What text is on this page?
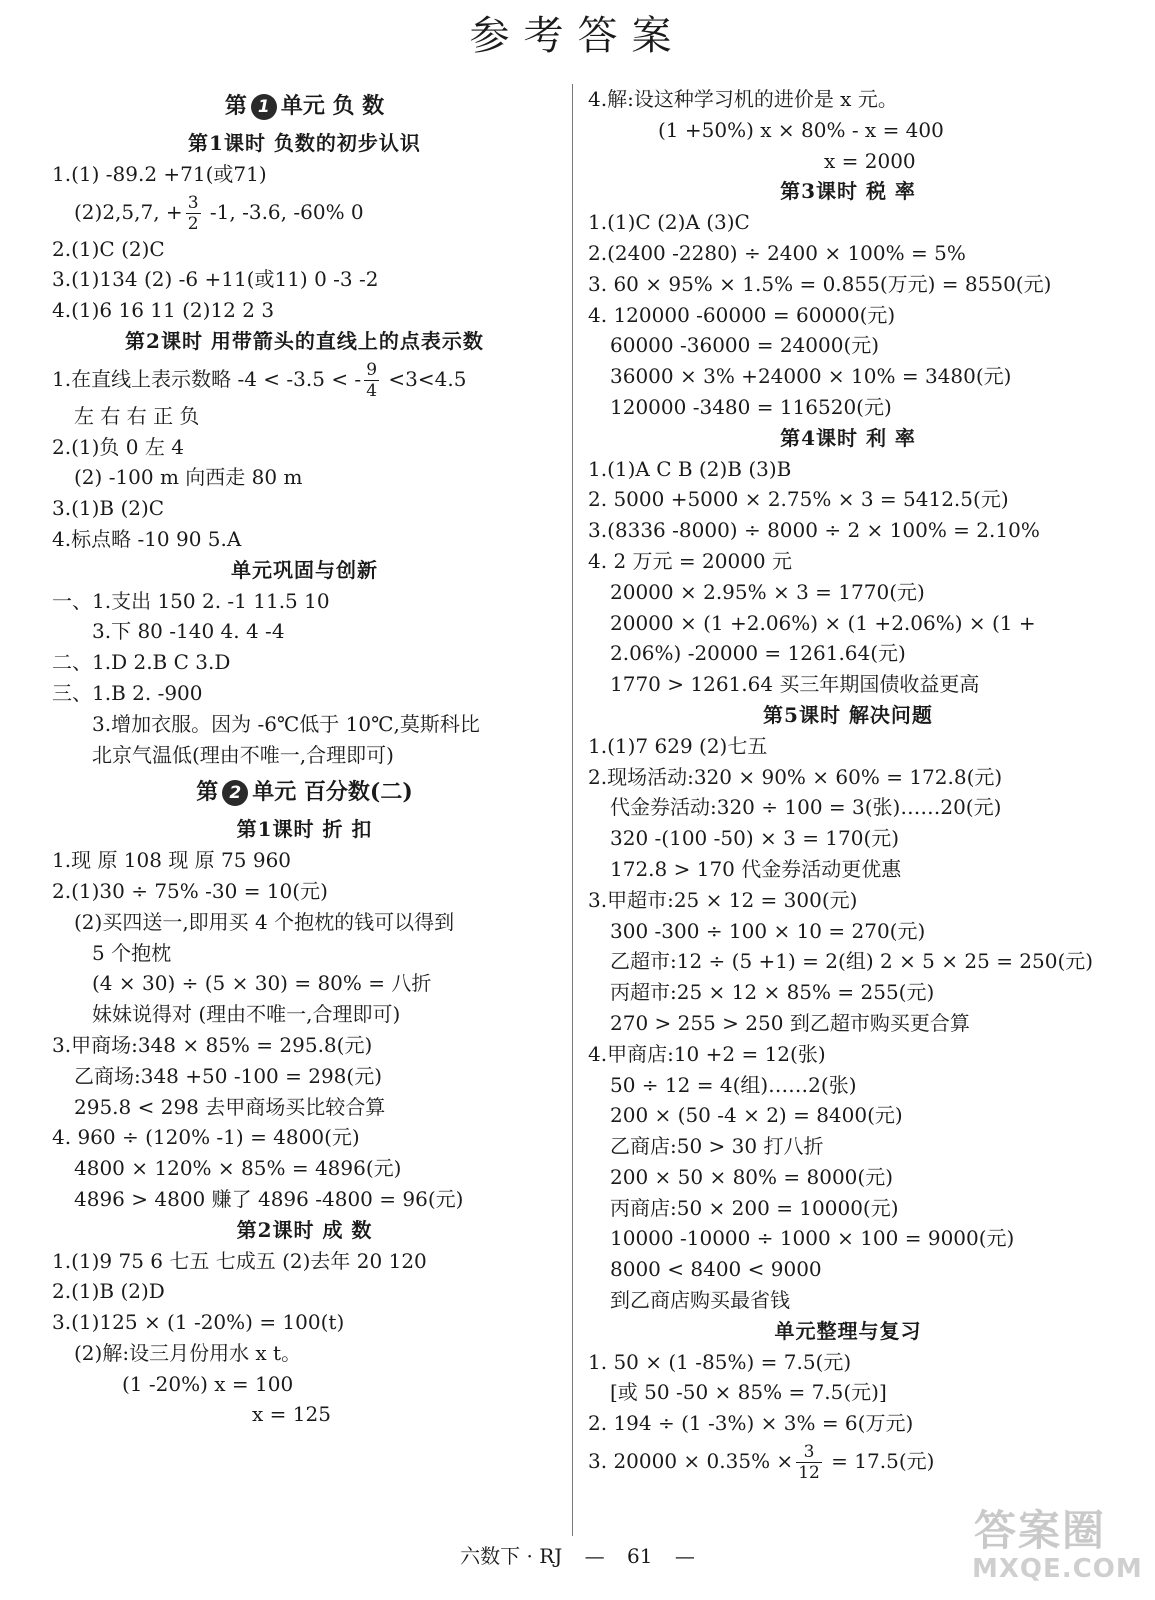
参考答案
第 1 单元 负 数
第1课时 负数的初步认识
1.(1) -89.2 +71(或71)
(2)2,5,7, + $\frac{3}{2} -1$, -3.6, -60% 0
2.(1)C (2)C
3.(1)134 (2) -6 +11(或11) 0 -3 -2
4.(1)6 16 11 (2)12 2 3
第2课时 用带箭头的直线上的点表示数
1.在直线上表示数略 -4 < -3.5 < - $\frac{9}{4} <3<4.5$
左 右 右 正 负
2.(1)负 0 左 4
(2) -100 m 向西走 80 m
3.(1)B (2)C
4.标点略 -10 90 5.A
单元巩固与创新
一、1.支出 150 2. -1 11.5 10
3.下 80 -140 4. 4 -4
二、1.D 2.B C 3.D
三、1.B 2. -900
3.增加衣服。因为 -6℃低于 10℃,莫斯科比
北京气温低(理由不唯一,合理即可)
第 2 单元 百分数(二)
第1课时 折 扣
1.现 原 108 现 原 75 960
2.(1)30 ÷ 75% -30 = 10(元)
(2)买四送一,即用买 4 个抱枕的钱可以得到
5 个抱枕
(4 × 30) ÷ (5 × 30) = 80% = 八折
妹妹说得对 (理由不唯一,合理即可)
3.甲商场:348 × 85% = 295.8(元)
乙商场:348 +50 -100 = 298(元)
295.8 < 298 去甲商场买比较合算
4. 960 ÷ (120% -1) = 4800(元)
4800 × 120% × 85% = 4896(元)
4896 > 4800 赚了 4896 -4800 = 96(元)
第2课时 成 数
1.(1)9 75 6 七五 七成五 (2)去年 20 120
2.(1)B (2)D
3.(1)125 × (1 -20%) = 100(t)
(2)解:设三月份用水 x t。
(1 -20%) x = 100
x = 125
4.解:设这种学习机的进价是 x 元。
(1 +50%) x × 80% - x = 400
x = 2000
第3课时 税 率
1.(1)C (2)A (3)C
2.(2400 -2280) ÷ 2400 × 100% = 5%
3. 60 × 95% × 1.5% = 0.855(万元) = 8550(元)
4. 120000 -60000 = 60000(元)
60000 -36000 = 24000(元)
36000 × 3% +24000 × 10% = 3480(元)
120000 -3480 = 116520(元)
第4课时 利 率
1.(1)A C B (2)B (3)B
2. 5000 +5000 × 2.75% × 3 = 5412.5(元)
3.(8336 -8000) ÷ 8000 ÷ 2 × 100% = 2.10%
4. 2 万元 = 20000 元
20000 × 2.95% × 3 = 1770(元)
20000 × (1 +2.06%) × (1 +2.06%) × (1 +
2.06%) -20000 = 1261.64(元)
1770 > 1261.64 买三年期国债收益更高
第5课时 解决问题
1.(1)7 629 (2)七五
2.现场活动:320 × 90% × 60% = 172.8(元)
代金券活动:320 ÷ 100 = 3(张)……20(元)
320 -(100 -50) × 3 = 170(元)
172.8 > 170 代金券活动更优惠
3.甲超市:25 × 12 = 300(元)
300 -300 ÷ 100 × 10 = 270(元)
乙超市:12 ÷ (5 +1) = 2(组) 2 × 5 × 25 = 250(元)
丙超市:25 × 12 × 85% = 255(元)
270 > 255 > 250 到乙超市购买更合算
4.甲商店:10 +2 = 12(张)
50 ÷ 12 = 4(组)……2(张)
200 × (50 -4 × 2) = 8400(元)
乙商店:50 > 30 打八折
200 × 50 × 80% = 8000(元)
丙商店:50 × 200 = 10000(元)
10000 -10000 ÷ 1000 × 100 = 9000(元)
8000 < 8400 < 9000
到乙商店购买最省钱
单元整理与复习
1. 50 × (1 -85%) = 7.5(元)
[或 50 -50 × 85% = 7.5(元)]
2. 194 ÷ (1 -3%) × 3% = 6(万元)
3. $20000 \times 0.35\% \times \frac{3}{12} = 17.5$(元)
六数下 · RJ — 61 —
答案圈
MXQE.COM
